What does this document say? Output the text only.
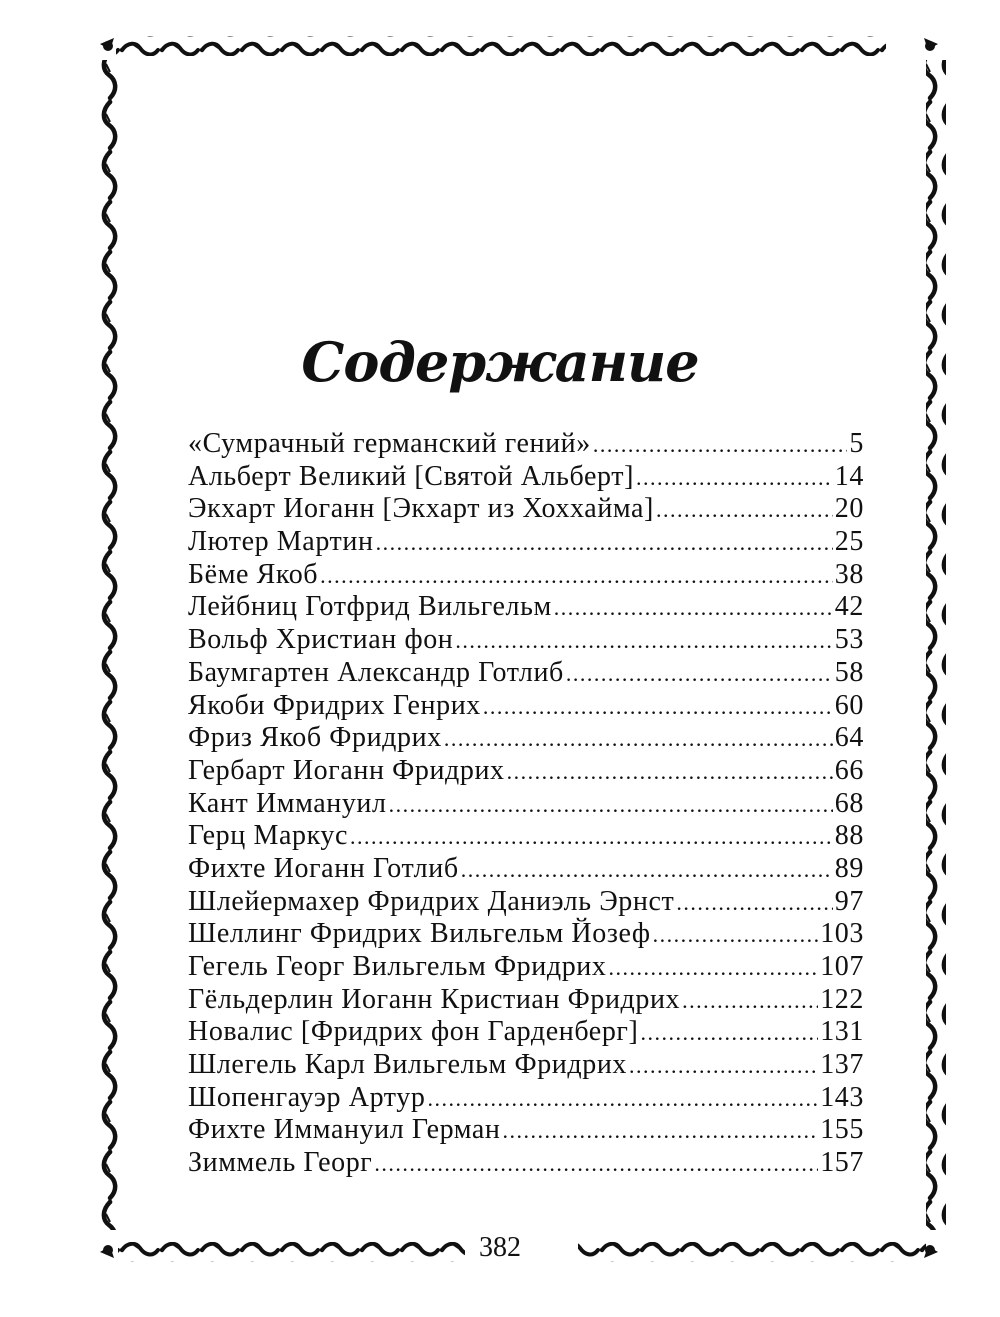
Содержание
«Сумрачный германский гений» .....	5
Альберт Великий [Святой Альберт] .....	14
Экхарт Иоганн [Экхарт из Хоххайма] .....	20
Лютер Мартин .....	25
Бёме Якоб .....	38
Лейбниц Готфрид Вильгельм .....	42
Вольф Христиан фон .....	53
Баумгартен Александр Готлиб .....	58
Якоби Фридрих Генрих .....	60
Фриз Якоб Фридрих .....	64
Гербарт Иоганн Фридрих .....	66
Кант Иммануил .....	68
Герц Маркус .....	88
Фихте Иоганн Готлиб .....	89
Шлейермахер Фридрих Даниэль Эрнст .....	97
Шеллинг Фридрих Вильгельм Йозеф .....	103
Гегель Георг Вильгельм Фридрих .....	107
Гёльдерлин Иоганн Кристиан Фридрих .....	122
Новалис [Фридрих фон Гарденберг] .....	131
Шлегель Карл Вильгельм Фридрих .....	137
Шопенгауэр Артур .....	143
Фихте Иммануил Герман .....	155
Зиммель Георг .....	157
382
